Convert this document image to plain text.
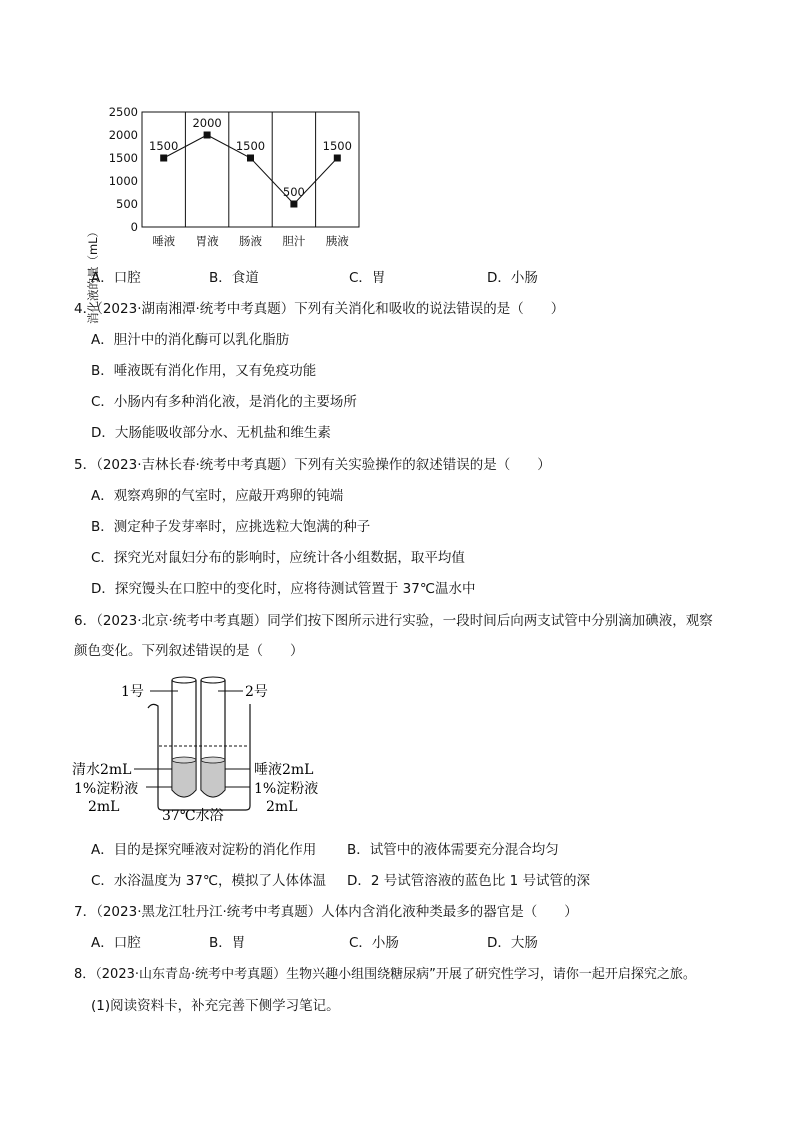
消化液的量（mL）
2500
2000
1500
1000
500
0
1500
2000
1500
500
1500
唾液 胃液 肠液 胆汁 胰液
A．口腔	B．食道	C．胃	D．小肠
4．（2023·湖南湘潭·统考中考真题）下列有关消化和吸收的说法错误的是（　　）
A．胆汁中的消化酶可以乳化脂肪
B．唾液既有消化作用，又有免疫功能
C．小肠内有多种消化液，是消化的主要场所
D．大肠能吸收部分水、无机盐和维生素
5．（2023·吉林长春·统考中考真题）下列有关实验操作的叙述错误的是（　　）
A．观察鸡卵的气室时，应敲开鸡卵的钝端
B．测定种子发芽率时，应挑选粒大饱满的种子
C．探究光对鼠妇分布的影响时，应统计各小组数据，取平均值
D．探究馒头在口腔中的变化时，应将待测试管置于 37℃温水中
6．（2023·北京·统考中考真题）同学们按下图所示进行实验，一段时间后向两支试管中分别滴加碘液，观察
颜色变化。下列叙述错误的是（　　）
1号	2号
清水2mL
1%淀粉液
2mL
唾液2mL
1%淀粉液
2mL
37℃水浴
A．目的是探究唾液对淀粉的消化作用 B．试管中的液体需要充分混合均匀
C．水浴温度为 37℃，模拟了人体体温 D．2 号试管溶液的蓝色比 1 号试管的深
7．（2023·黑龙江牡丹江·统考中考真题）人体内含消化液种类最多的器官是（　　）
A．口腔	B．胃	C．小肠	D．大肠
8．（2023·山东青岛·统考中考真题）生物兴趣小组围绕糖尿病”开展了研究性学习，请你一起开启探究之旅。
(1)阅读资料卡，补充完善下侧学习笔记。
